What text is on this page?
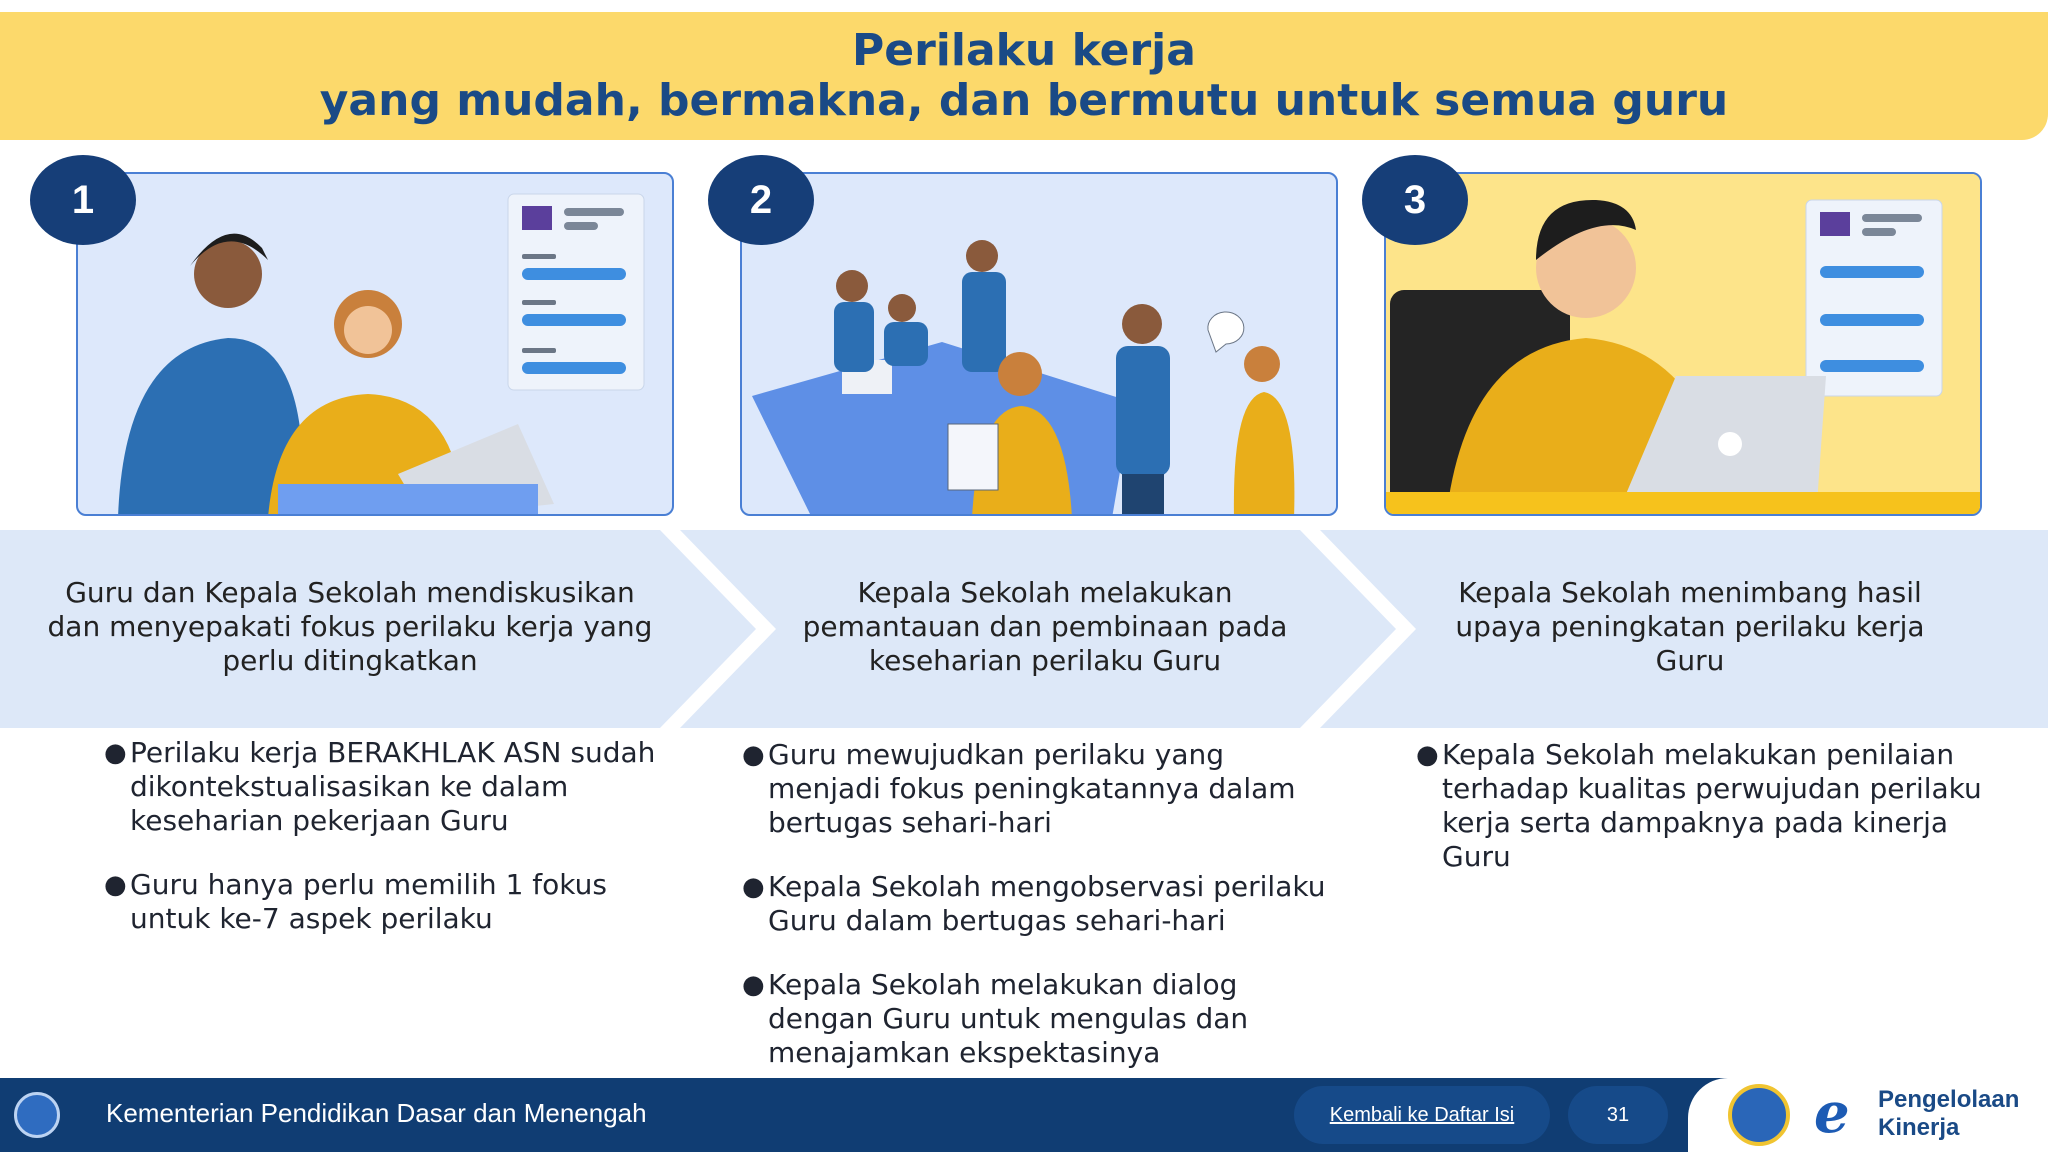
Perilaku kerja
yang mudah, bermakna, dan bermutu untuk semua guru
1	2	3
Guru dan Kepala Sekolah mendiskusikan dan menyepakati fokus perilaku kerja yang perlu ditingkatkan
Kepala Sekolah melakukan pemantauan dan pembinaan pada keseharian perilaku Guru
Kepala Sekolah menimbang hasil upaya peningkatan perilaku kerja Guru
● Perilaku kerja BERAKHLAK ASN sudah dikontekstualisasikan ke dalam keseharian pekerjaan Guru
● Guru hanya perlu memilih 1 fokus untuk ke-7 aspek perilaku
● Guru mewujudkan perilaku yang menjadi fokus peningkatannya dalam bertugas sehari-hari
● Kepala Sekolah mengobservasi perilaku Guru dalam bertugas sehari-hari
● Kepala Sekolah melakukan dialog dengan Guru untuk mengulas dan menajamkan ekspektasinya
● Kepala Sekolah melakukan penilaian terhadap kualitas perwujudan perilaku kerja serta dampaknya pada kinerja Guru
Kementerian Pendidikan Dasar dan Menengah	Kembali ke Daftar Isi	31	e Pengelolaan
Kinerja
